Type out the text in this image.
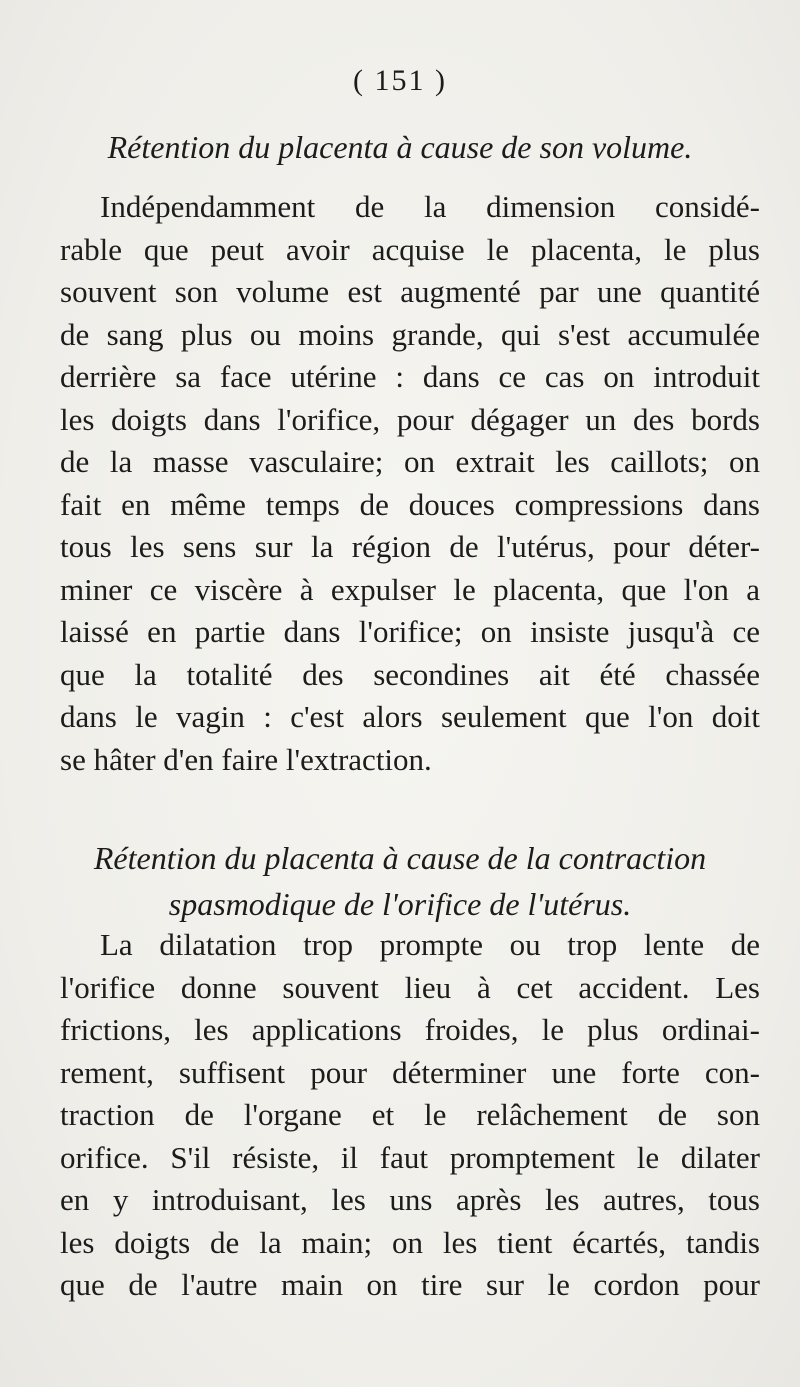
( 151 )
Rétention du placenta à cause de son volume.
Indépendamment de la dimension considé-
rable que peut avoir acquise le placenta, le plus
souvent son volume est augmenté par une quantité
de sang plus ou moins grande, qui s'est accumulée
derrière sa face utérine : dans ce cas on introduit
les doigts dans l'orifice, pour dégager un des bords
de la masse vasculaire; on extrait les caillots; on
fait en même temps de douces compressions dans
tous les sens sur la région de l'utérus, pour déter-
miner ce viscère à expulser le placenta, que l'on a
laissé en partie dans l'orifice; on insiste jusqu'à ce
que la totalité des secondines ait été chassée
dans le vagin : c'est alors seulement que l'on doit
se hâter d'en faire l'extraction.
Rétention du placenta à cause de la contraction
spasmodique de l'orifice de l'utérus.
La dilatation trop prompte ou trop lente de
l'orifice donne souvent lieu à cet accident. Les
frictions, les applications froides, le plus ordinai-
rement, suffisent pour déterminer une forte con-
traction de l'organe et le relâchement de son
orifice. S'il résiste, il faut promptement le dilater
en y introduisant, les uns après les autres, tous
les doigts de la main; on les tient écartés, tandis
que de l'autre main on tire sur le cordon pour
